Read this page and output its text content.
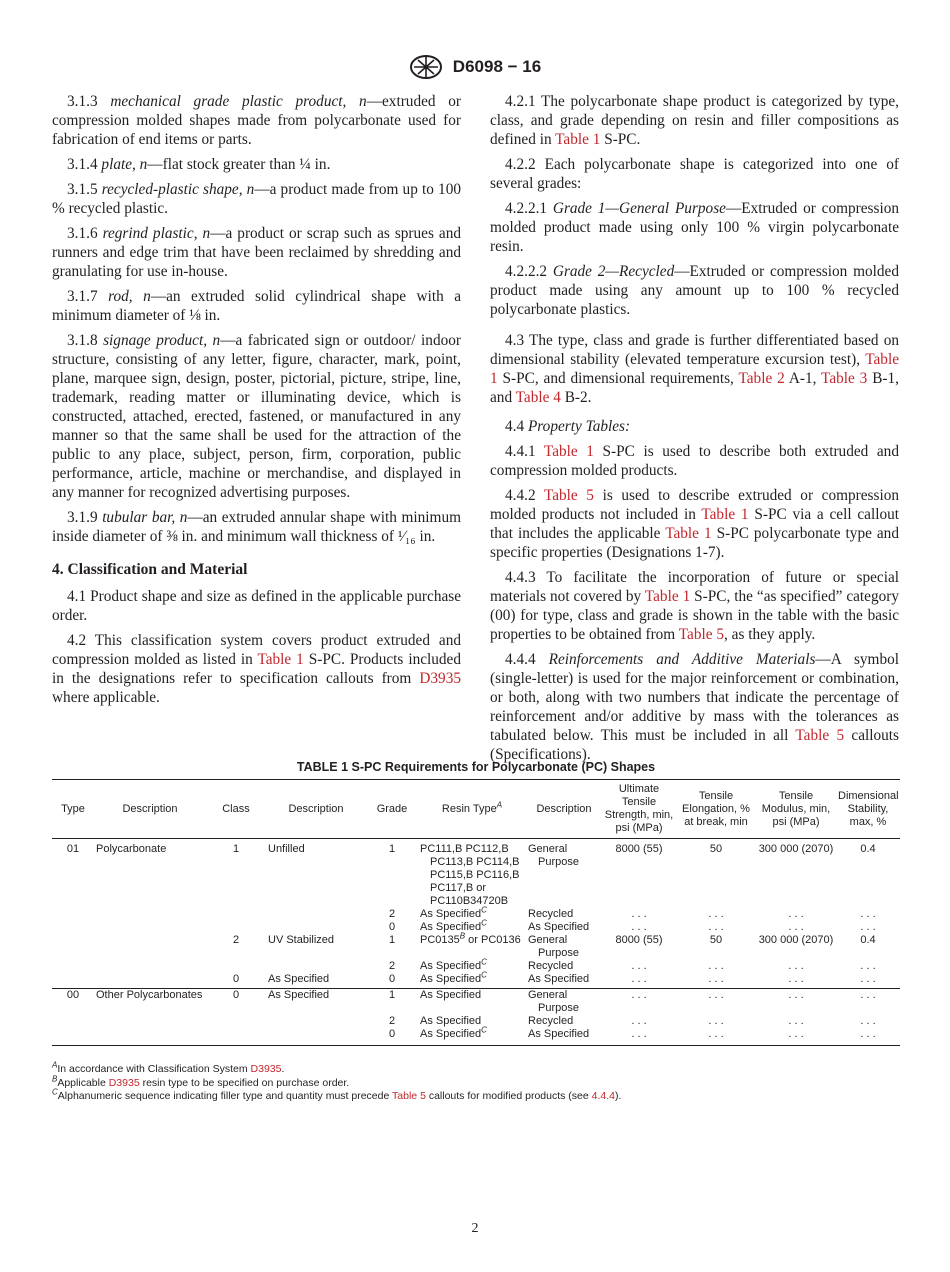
D6098 − 16

3.1.3 mechanical grade plastic product, n—extruded or compression molded shapes made from polycarbonate used for fabrication of end items or parts.

3.1.4 plate, n—flat stock greater than ¼ in.

3.1.5 recycled-plastic shape, n—a product made from up to 100 % recycled plastic.

3.1.6 regrind plastic, n—a product or scrap such as sprues and runners and edge trim that have been reclaimed by shredding and granulating for use in-house.

3.1.7 rod, n—an extruded solid cylindrical shape with a minimum diameter of ⅛ in.

3.1.8 signage product, n—a fabricated sign or outdoor/ indoor structure, consisting of any letter, figure, character, mark, point, plane, marquee sign, design, poster, pictorial, picture, stripe, line, trademark, reading matter or illuminating device, which is constructed, attached, erected, fastened, or manufactured in any manner so that the same shall be used for the attraction of the public to any place, subject, person, firm, corporation, public performance, article, machine or merchandise, and displayed in any manner for recognized advertising purposes.

3.1.9 tubular bar, n—an extruded annular shape with minimum inside diameter of ⅜ in. and minimum wall thickness of ¹⁄₁₆ in.

4. Classification and Material

4.1 Product shape and size as defined in the applicable purchase order.

4.2 This classification system covers product extruded and compression molded as listed in Table 1 S-PC. Products included in the designations refer to specification callouts from D3935 where applicable.

4.2.1 The polycarbonate shape product is categorized by type, class, and grade depending on resin and filler compositions as defined in Table 1 S-PC.

4.2.2 Each polycarbonate shape is categorized into one of several grades:

4.2.2.1 Grade 1—General Purpose—Extruded or compression molded product made using only 100 % virgin polycarbonate resin.

4.2.2.2 Grade 2—Recycled—Extruded or compression molded product made using any amount up to 100 % recycled polycarbonate plastics.

4.3 The type, class and grade is further differentiated based on dimensional stability (elevated temperature excursion test), Table 1 S-PC, and dimensional requirements, Table 2 A-1, Table 3 B-1, and Table 4 B-2.

4.4 Property Tables:

4.4.1 Table 1 S-PC is used to describe both extruded and compression molded products.

4.4.2 Table 5 is used to describe extruded or compression molded products not included in Table 1 S-PC via a cell callout that includes the applicable Table 1 S-PC polycarbonate type and specific properties (Designations 1-7).

4.4.3 To facilitate the incorporation of future or special materials not covered by Table 1 S-PC, the “as specified” category (00) for type, class and grade is shown in the table with the basic properties to be obtained from Table 5, as they apply.

4.4.4 Reinforcements and Additive Materials—A symbol (single-letter) is used for the major reinforcement or combination, or both, along with two numbers that indicate the percentage of reinforcement and/or additive by mass with the tolerances as tabulated below. This must be included in all Table 5 callouts (Specifications).

TABLE 1 S-PC Requirements for Polycarbonate (PC) Shapes
Type	Description	Class	Description	Grade	Resin Type$^A$	Description	Ultimate Tensile Strength, min, psi (MPa)	Tensile Elongation, % at break, min	Tensile Modulus, min, psi (MPa)	Dimensional Stability, max, %
01	Polycarbonate	1	Unfilled	1	PC111,B PC112,B PC113,B PC114,B PC115,B PC116,B PC117,B or PC110B34720B	General Purpose	8000 (55)	50	300 000 (2070)	0.4
				2	As Specified$^C$	Recycled	. . .	. . .	. . .	. . .
				0	As Specified$^C$	As Specified	. . .	. . .	. . .	. . .
		2	UV Stabilized	1	$PC0135^B$ or PC0136	General Purpose	8000 (55)	50	300 000 (2070)	0.4
				2	As Specified$^C$	Recycled	. . .	. . .	. . .	. . .
		0	As Specified	0	As Specified$^C$	As Specified	. . .	. . .	. . .	. . .
00	Other Polycarbonates	0	As Specified	1	As Specified	General Purpose	. . .	. . .	. . .	. . .
				2	As Specified	Recycled	. . .	. . .	. . .	. . .
				0	As Specified$^C$	As Specified	. . .	. . .	. . .	. . .
$^A$In accordance with Classification System D3935.
$^B$Applicable D3935 resin type to be specified on purchase order.
$^C$Alphanumeric sequence indicating filler type and quantity must precede Table 5 callouts for modified products (see 4.4.4).
2
